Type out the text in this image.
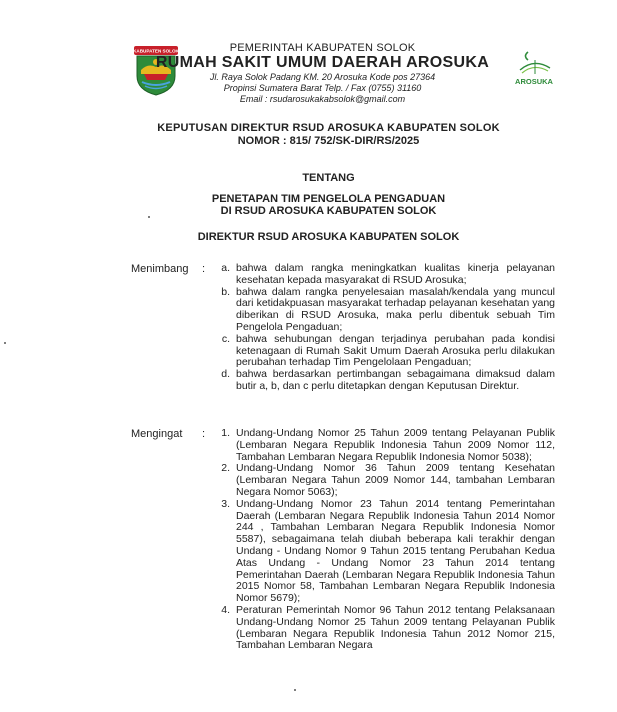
KABUPATEN SOLOK
AROSUKA
PEMERINTAH KABUPATEN SOLOK
RUMAH SAKIT UMUM DAERAH AROSUKA
Jl. Raya Solok Padang KM. 20 Arosuka Kode pos 27364
Propinsi Sumatera Barat Telp. / Fax (0755) 31160
Email : rsudarosukakabsolok@gmail.com
KEPUTUSAN DIREKTUR RSUD AROSUKA KABUPATEN SOLOK
NOMOR : 815/ 752/SK-DIR/RS/2025
TENTANG
PENETAPAN TIM PENGELOLA PENGADUAN
DI RSUD AROSUKA KABUPATEN SOLOK
DIREKTUR RSUD AROSUKA KABUPATEN SOLOK
Menimbang :	a. bahwa dalam rangka meningkatkan kualitas kinerja pelayanan kesehatan kepada masyarakat di RSUD Arosuka;
b. bahwa dalam rangka penyelesaian masalah/kendala yang muncul dari ketidakpuasan masyarakat terhadap pelayanan kesehatan yang diberikan di RSUD Arosuka, maka perlu dibentuk sebuah Tim Pengelola Pengaduan;
c. bahwa sehubungan dengan terjadinya perubahan pada kondisi ketenagaan di Rumah Sakit Umum Daerah Arosuka perlu dilakukan perubahan terhadap Tim Pengelolaan Pengaduan;
d. bahwa berdasarkan pertimbangan sebagaimana dimaksud dalam butir a, b, dan c perlu ditetapkan dengan Keputusan Direktur.
Mengingat :	1. Undang-Undang Nomor 25 Tahun 2009 tentang Pelayanan Publik (Lembaran Negara Republik Indonesia Tahun 2009 Nomor 112, Tambahan Lembaran Negara Republik Indonesia Nomor 5038);
2. Undang-Undang Nomor 36 Tahun 2009 tentang Kesehatan (Lembaran Negara Tahun 2009 Nomor 144, tambahan Lembaran Negara Nomor 5063);
3. Undang-Undang Nomor 23 Tahun 2014 tentang Pemerintahan Daerah (Lembaran Negara Republik Indonesia Tahun 2014 Nomor 244 , Tambahan Lembaran Negara Republik Indonesia Nomor 5587), sebagaimana telah diubah beberapa kali terakhir dengan Undang - Undang Nomor 9 Tahun 2015 tentang Perubahan Kedua Atas Undang - Undang Nomor 23 Tahun 2014 tentang Pemerintahan Daerah (Lembaran Negara Republik Indonesia Tahun 2015 Nomor 58, Tambahan Lembaran Negara Republik Indonesia Nomor 5679);
4. Peraturan Pemerintah Nomor 96 Tahun 2012 tentang Pelaksanaan Undang-Undang Nomor 25 Tahun 2009 tentang Pelayanan Publik (Lembaran Negara Republik Indonesia Tahun 2012 Nomor 215, Tambahan Lembaran Negara
